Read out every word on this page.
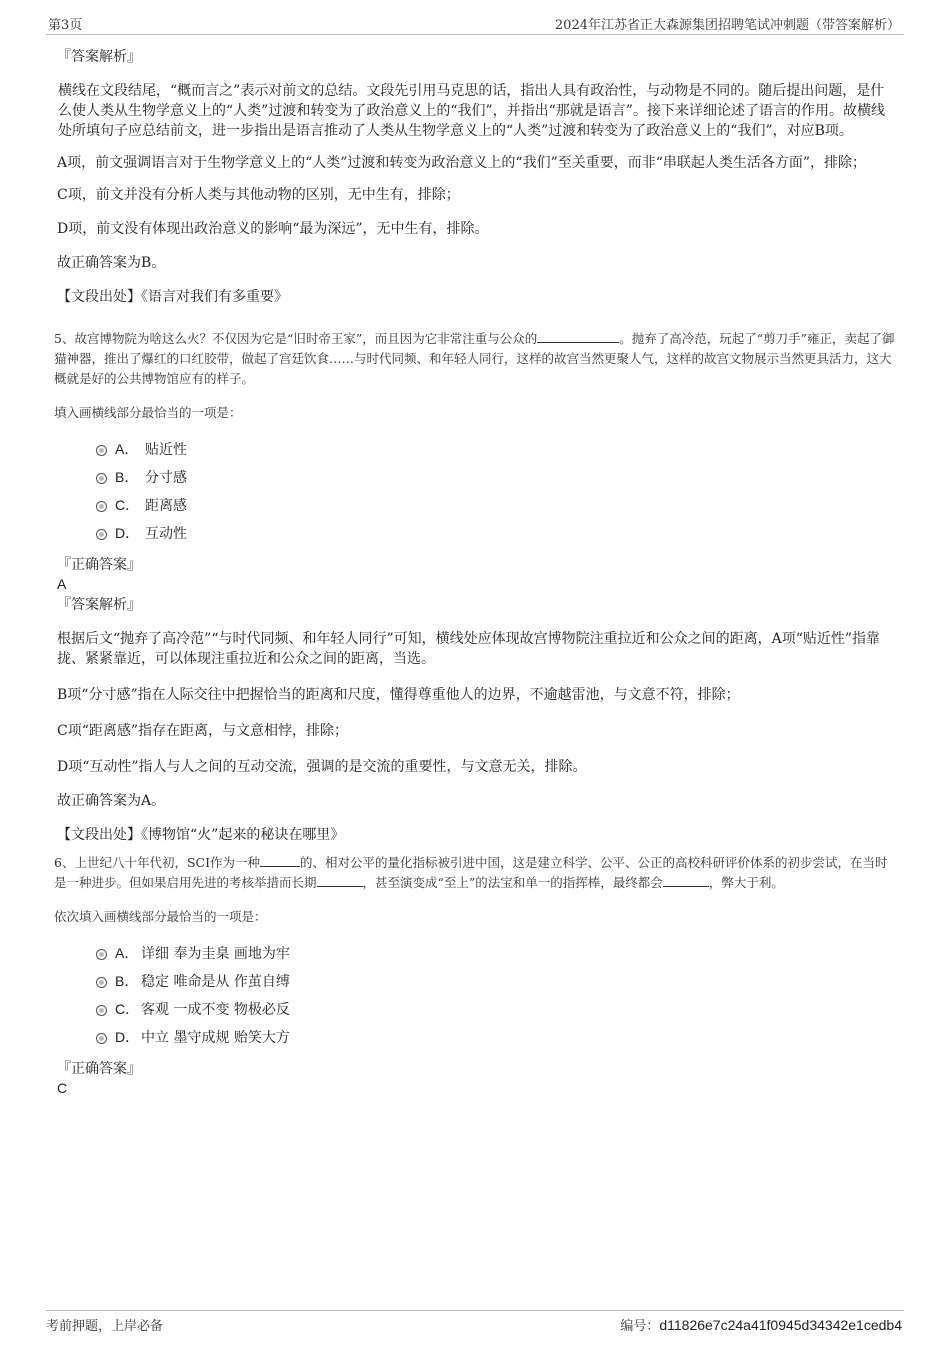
第3页	2024年江苏省正大森源集团招聘笔试冲刺题（带答案解析）

『答案解析』

横线在文段结尾，“概而言之”表示对前文的总结。文段先引用马克思的话，指出人具有政治性，与动物是不同的。随后提出问题，是什么使人类从生物学意义上的“人类”过渡和转变为了政治意义上的“我们”，并指出“那就是语言”。接下来详细论述了语言的作用。故横线处所填句子应总结前文，进一步指出是语言推动了人类从生物学意义上的“人类”过渡和转变为了政治意义上的“我们”，对应B项。

A项，前文强调语言对于生物学意义上的“人类”过渡和转变为政治意义上的“我们”至关重要，而非“串联起人类生活各方面”，排除；

C项，前文并没有分析人类与其他动物的区别，无中生有，排除；

D项，前文没有体现出政治意义的影响“最为深远”，无中生有，排除。

故正确答案为B。

【文段出处】《语言对我们有多重要》

5、故宫博物院为啥这么火？不仅因为它是“旧时帝王家”，而且因为它非常注重与公众的	。抛弃了高冷范，玩起了“剪刀手”雍正，卖起了御猫神器，推出了爆红的口红胶带，做起了宫廷饮食……与时代同频、和年轻人同行，这样的故宫当然更聚人气，这样的故宫文物展示当然更具活力，这大概就是好的公共博物馆应有的样子。

填入画横线部分最恰当的一项是：

A． 贴近性
B． 分寸感
C． 距离感
D． 互动性

『正确答案』

A

『答案解析』

根据后文“抛弃了高冷范”“与时代同频、和年轻人同行”可知，横线处应体现故宫博物院注重拉近和公众之间的距离，A项“贴近性”指靠拢、紧紧靠近，可以体现注重拉近和公众之间的距离，当选。

B项“分寸感”指在人际交往中把握恰当的距离和尺度，懂得尊重他人的边界，不逾越雷池，与文意不符，排除；

C项“距离感”指存在距离，与文意相悖，排除；

D项“互动性”指人与人之间的互动交流，强调的是交流的重要性，与文意无关，排除。

故正确答案为A。

【文段出处】《博物馆“火”起来的秘诀在哪里》

6、上世纪八十年代初，SCI作为一种	的、相对公平的量化指标被引进中国，这是建立科学、公平、公正的高校科研评价体系的初步尝试，在当时是一种进步。但如果启用先进的考核举措而长期	，甚至演变成“至上”的法宝和单一的指挥棒，最终都会	，弊大于利。

依次填入画横线部分最恰当的一项是：

A． 详细 奉为圭臬 画地为牢
B． 稳定 唯命是从 作茧自缚
C． 客观 一成不变 物极必反
D． 中立 墨守成规 贻笑大方

『正确答案』

C

考前押题，上岸必备	编号：d11826e7c24a41f0945d34342e1cedb4
